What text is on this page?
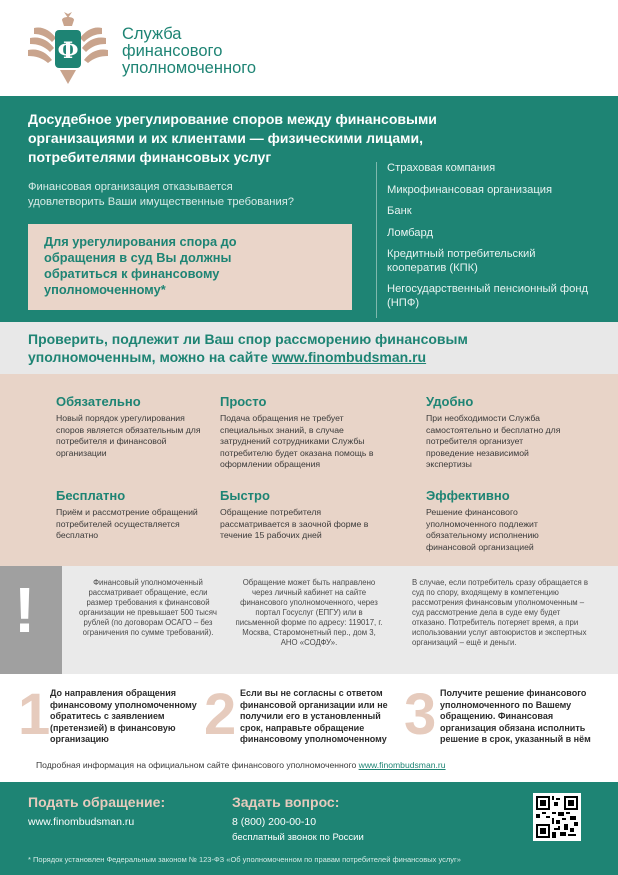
Ф
Служба
финансового
уполномоченного
Досудебное урегулирование споров между финансовыми организациями и их клиентами — физическими лицами, потребителями финансовых услуг
Финансовая организация отказывается
удовлетворить Ваши имущественные требования?
Для урегулирования спора до
обращения в суд Вы должны
обратиться к финансовому
уполномоченному*
Страховая компания
Микрофинансовая организация
Банк
Ломбард
Кредитный потребительский кооператив (КПК)
Негосударственный пенсионный фонд (НПФ)
Проверить, подлежит ли Ваш спор рассморению финансовым уполномоченным, можно на сайте www.finombudsman.ru
Обязательно
Новый порядок урегулирования споров является обязательным для потребителя и финансовой организации
Просто
Подача обращения не требует специальных знаний, в случае затруднений сотрудниками Службы потребителю будет оказана помощь в оформлении обращения
Удобно
При необходимости Служба самостоятельно и бесплатно для потребителя организует проведение независимой экспертизы
Бесплатно
Приём и рассмотрение обращений потребителей осуществляется бесплатно
Быстро
Обращение потребителя рассматривается в заочной форме в течение 15 рабочих дней
Эффективно
Решение финансового уполномоченного подлежит обязательному исполнению финансовой организацией
!	Финансовый уполномоченный рассматривает обращение, если размер требования к финансовой организации не превышает 500 тысяч рублей (по договорам ОСАГО – без ограничения по сумме требований).
Обращение может быть направлено через личный кабинет на сайте финансового уполномоченного, через портал Госуслуг (ЕПГУ) или в письменной форме по адресу: 119017, г. Москва, Старомонетный пер., дом 3, АНО «СОДФУ».
В случае, если потребитель сразу обращается в суд по спору, входящему в компетенцию рассмотрения финансовым уполномоченным – суд рассмотрение дела в суде ему будет отказано. Потребитель потеряет время, а при использовании услуг автоюристов и экспертных организаций – ещё и деньги.
1 До направления обращения финансовому уполномоченному обратитесь с заявлением (претензией) в финансовую организацию	2 Если вы не согласны с ответом финансовой организации или не получили его в установленный срок, направьте обращение финансовому уполномоченному 3 Получите решение финансового уполномоченного по Вашему обращению. Финансовая организация обязана исполнить решение в срок, указанный в нём
Подробная информация на официальном сайте финансового уполномоченного www.finombudsman.ru
Подать обращение:
www.finombudsman.ru
Задать вопрос:
8 (800) 200-00-10
бесплатный звонок по России
* Порядок установлен Федеральным законом № 123-ФЗ «Об уполномоченном по правам потребителей финансовых услуг»
